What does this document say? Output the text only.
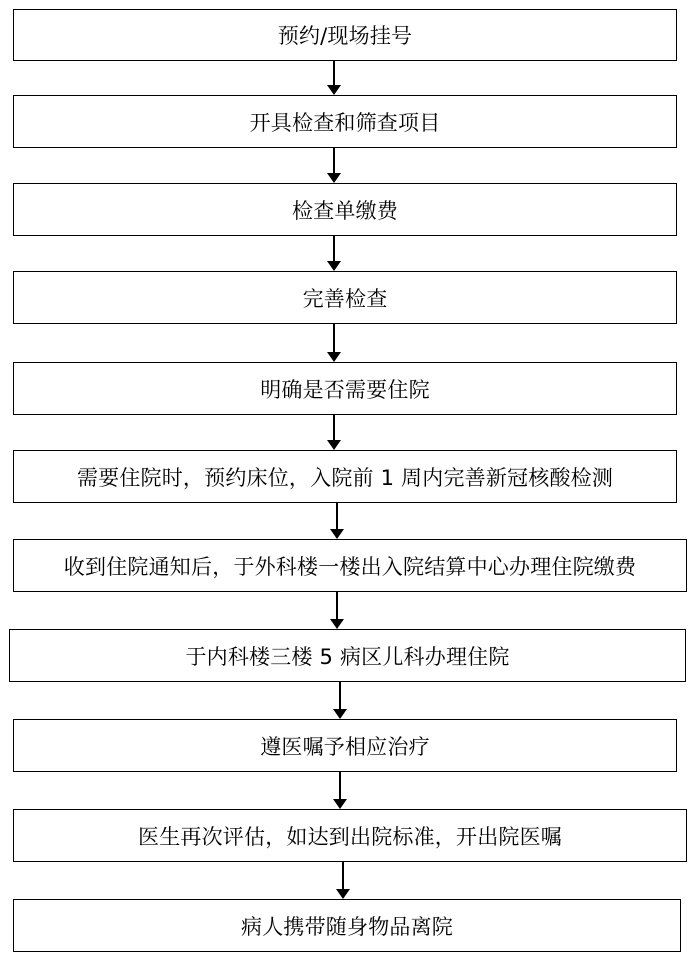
预约/现场挂号
开具检查和筛查项目
检查单缴费
完善检查
明确是否需要住院
需要住院时，预约床位，入院前 1 周内完善新冠核酸检测
收到住院通知后，于外科楼一楼出入院结算中心办理住院缴费
于内科楼三楼 5 病区儿科办理住院
遵医嘱予相应治疗
医生再次评估，如达到出院标准，开出院医嘱
病人携带随身物品离院
